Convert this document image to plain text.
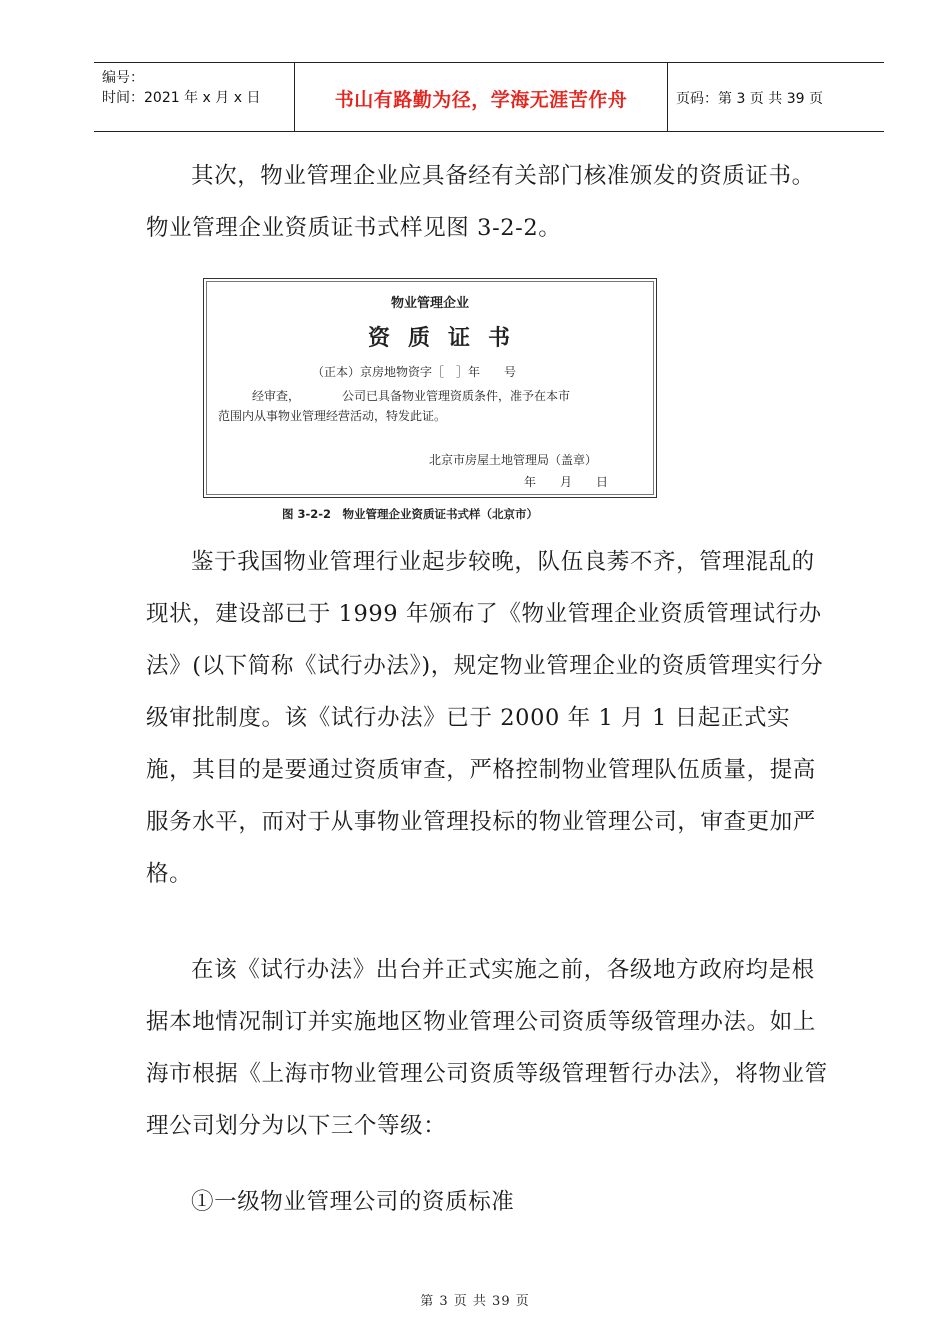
编号：
时间：2021 年 x 月 x 日	书山有路勤为径，学海无涯苦作舟	页码：第 3 页 共 39 页

其次，物业管理企业应具备经有关部门核准颁发的资质证书。物业管理企业资质证书式样见图 3-2-2。

物业管理企业
资质证书
（正本）京房地物资字［　］年　　号
经审查，　　　　公司已具备物业管理资质条件，准予在本市
范围内从事物业管理经营活动，特发此证。
北京市房屋土地管理局（盖章）
年　　月　　日
图 3-2-2　物业管理企业资质证书式样（北京市）

鉴于我国物业管理行业起步较晚，队伍良莠不齐，管理混乱的现状，建设部已于 1999 年颁布了《物业管理企业资质管理试行办法》(以下简称《试行办法》)，规定物业管理企业的资质管理实行分级审批制度。该《试行办法》已于 2000 年 1 月 1 日起正式实施，其目的是要通过资质审查，严格控制物业管理队伍质量，提高服务水平，而对于从事物业管理投标的物业管理公司，审查更加严格。

在该《试行办法》出台并正式实施之前，各级地方政府均是根据本地情况制订并实施地区物业管理公司资质等级管理办法。如上海市根据《上海市物业管理公司资质等级管理暂行办法》，将物业管理公司划分为以下三个等级：

①一级物业管理公司的资质标准

第 3 页 共 39 页
